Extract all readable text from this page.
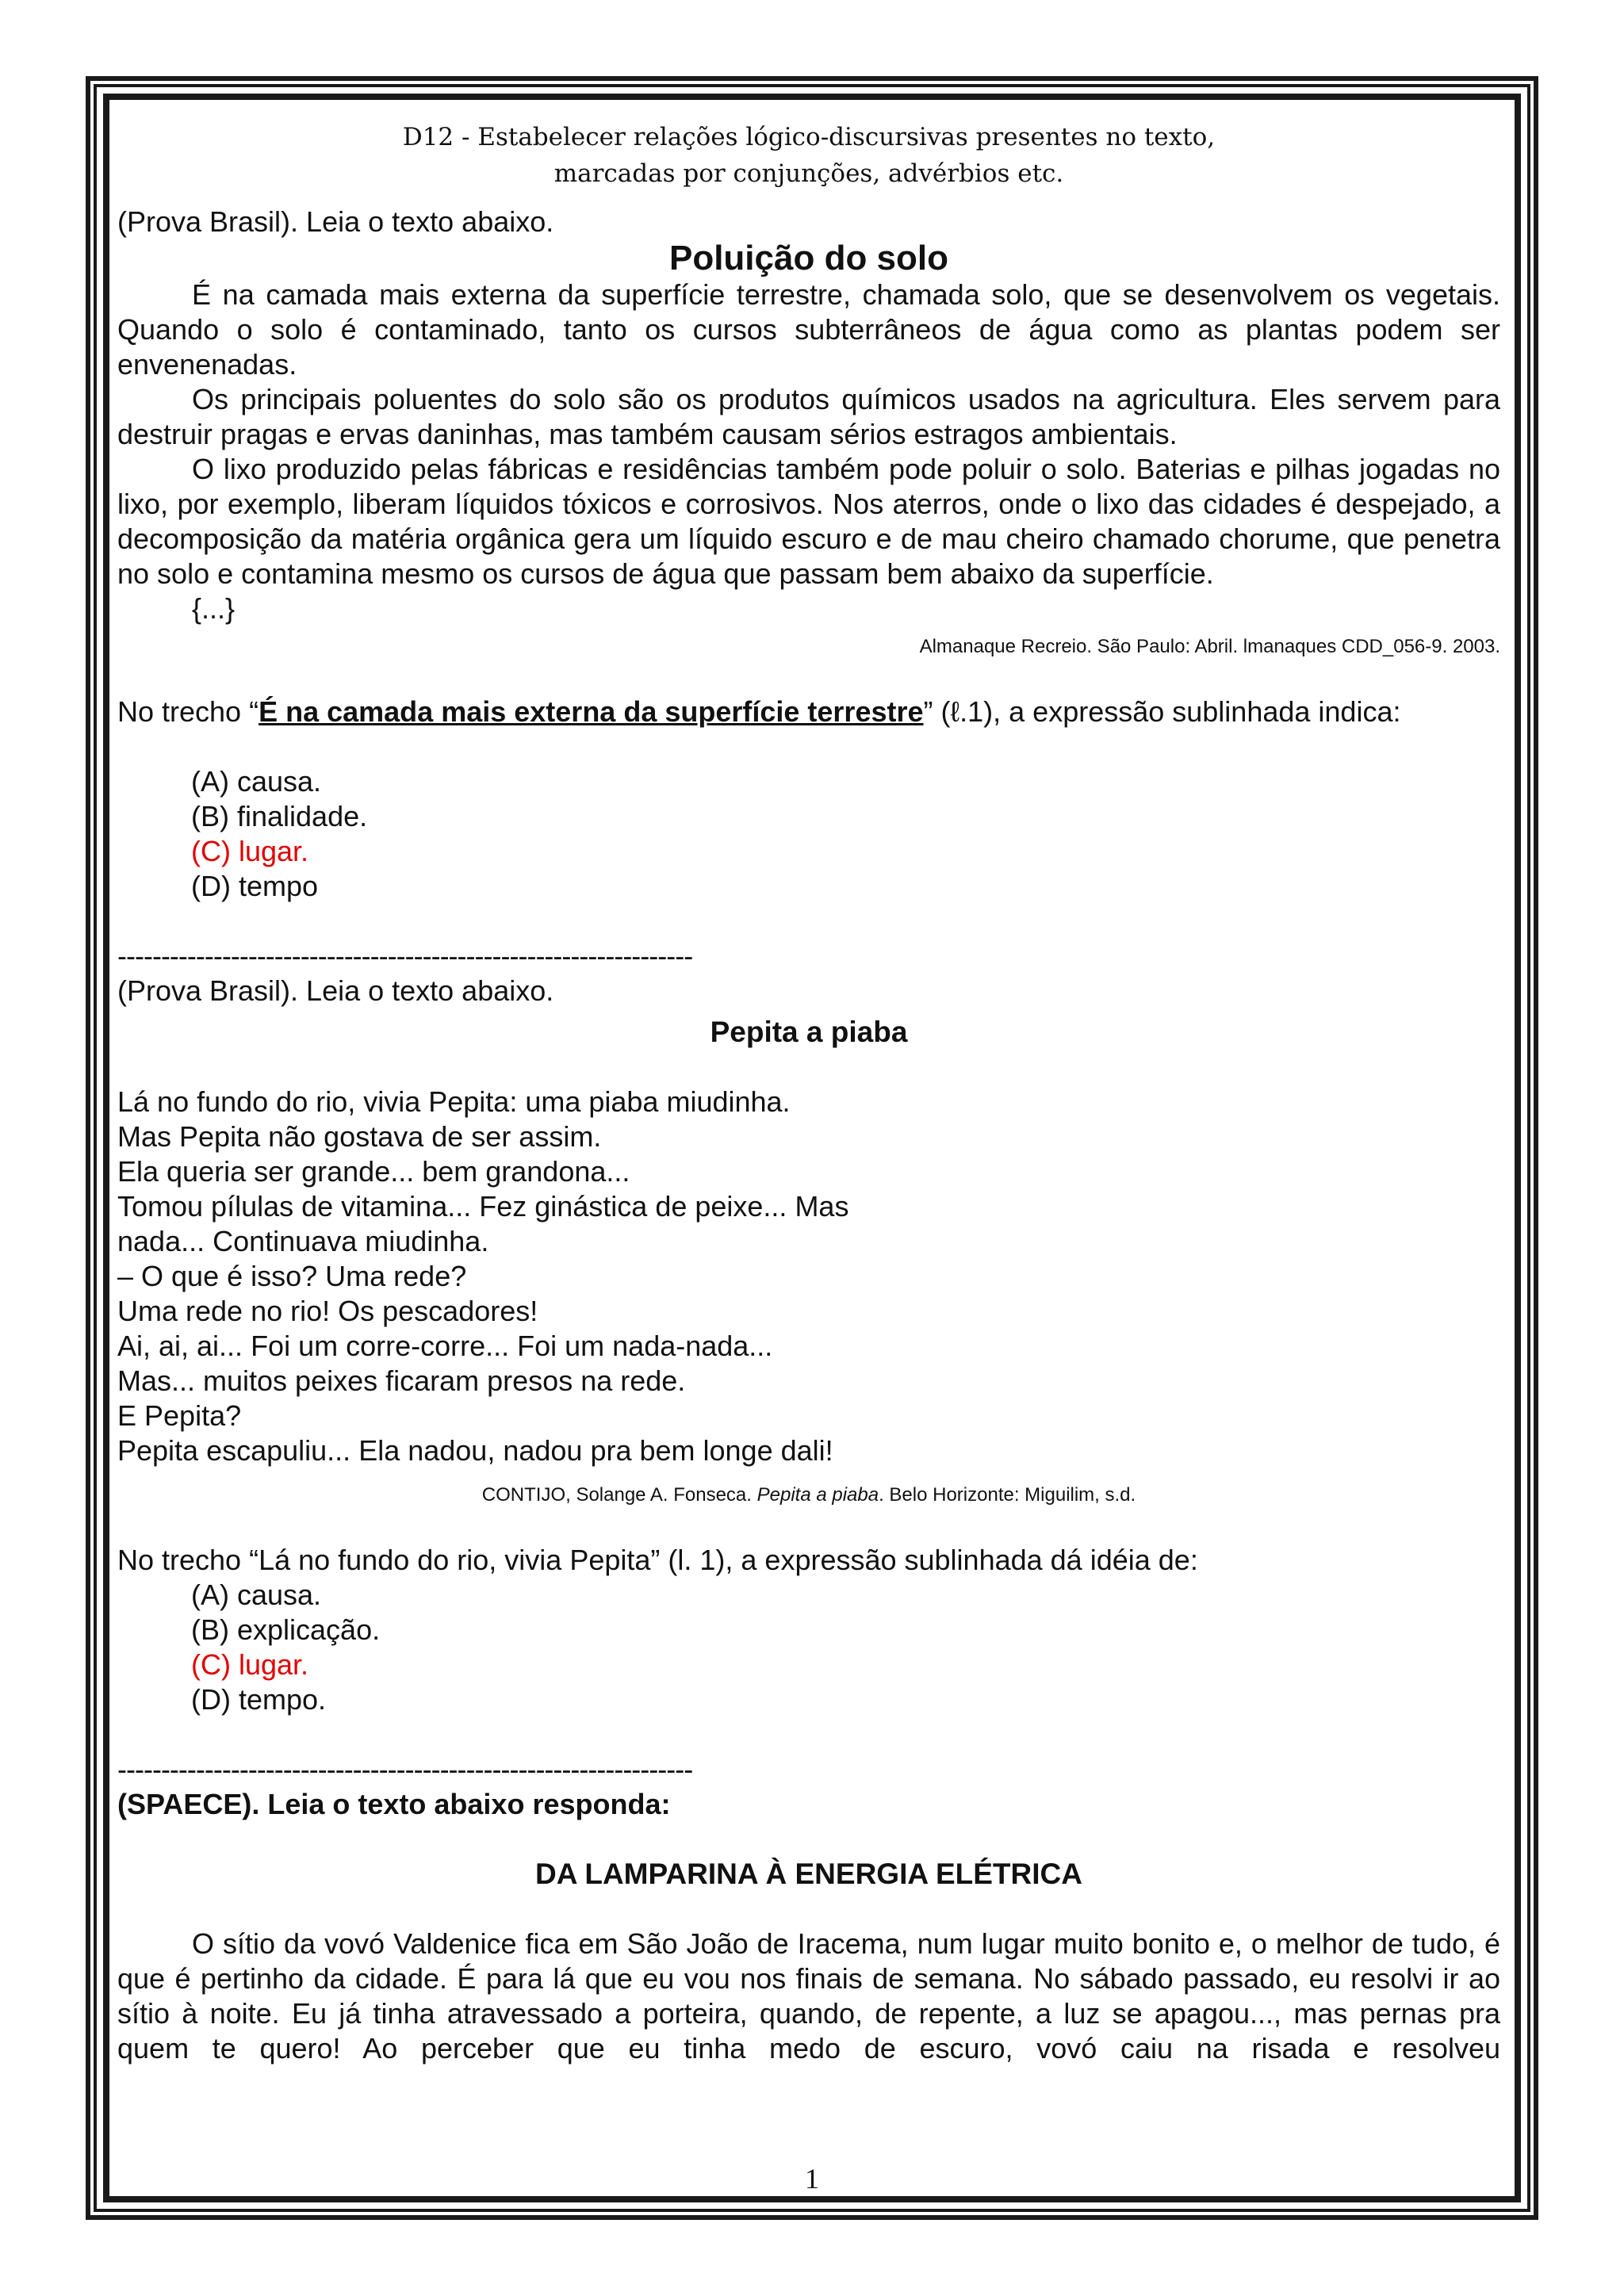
D12 - Estabelecer relações lógico-discursivas presentes no texto,
marcadas por conjunções, advérbios etc.

(Prova Brasil). Leia o texto abaixo.

Poluição do solo

É na camada mais externa da superfície terrestre, chamada solo, que se desenvolvem os vegetais. Quando o solo é contaminado, tanto os cursos subterrâneos de água como as plantas podem ser envenenadas.

Os principais poluentes do solo são os produtos químicos usados na agricultura. Eles servem para destruir pragas e ervas daninhas, mas também causam sérios estragos ambientais.

O lixo produzido pelas fábricas e residências também pode poluir o solo. Baterias e pilhas jogadas no lixo, por exemplo, liberam líquidos tóxicos e corrosivos. Nos aterros, onde o lixo das cidades é despejado, a decomposição da matéria orgânica gera um líquido escuro e de mau cheiro chamado chorume, que penetra no solo e contamina mesmo os cursos de água que passam bem abaixo da superfície.

{...}

Almanaque Recreio. São Paulo: Abril. lmanaques CDD_056-9. 2003.

No trecho “É na camada mais externa da superfície terrestre” (ℓ.1), a expressão sublinhada indica:

(A) causa.

(B) finalidade.

(C) lugar.

(D) tempo

------------------------------------------------------------------

(Prova Brasil). Leia o texto abaixo.

Pepita a piaba

Lá no fundo do rio, vivia Pepita: uma piaba miudinha.

Mas Pepita não gostava de ser assim.

Ela queria ser grande... bem grandona...

Tomou pílulas de vitamina... Fez ginástica de peixe... Mas

nada... Continuava miudinha.

– O que é isso? Uma rede?

Uma rede no rio! Os pescadores!

Ai, ai, ai... Foi um corre-corre... Foi um nada-nada...

Mas... muitos peixes ficaram presos na rede.

E Pepita?

Pepita escapuliu... Ela nadou, nadou pra bem longe dali!

CONTIJO, Solange A. Fonseca. Pepita a piaba. Belo Horizonte: Miguilim, s.d.

No trecho “Lá no fundo do rio, vivia Pepita” (l. 1), a expressão sublinhada dá idéia de:

(A) causa.

(B) explicação.

(C) lugar.

(D) tempo.

------------------------------------------------------------------

(SPAECE). Leia o texto abaixo responda:

DA LAMPARINA À ENERGIA ELÉTRICA

O sítio da vovó Valdenice fica em São João de Iracema, num lugar muito bonito e, o melhor de tudo, é que é pertinho da cidade. É para lá que eu vou nos finais de semana. No sábado passado, eu resolvi ir ao sítio à noite. Eu já tinha atravessado a porteira, quando, de repente, a luz se apagou..., mas pernas pra quem te quero! Ao perceber que eu tinha medo de escuro, vovó caiu na risada e resolveu

1
